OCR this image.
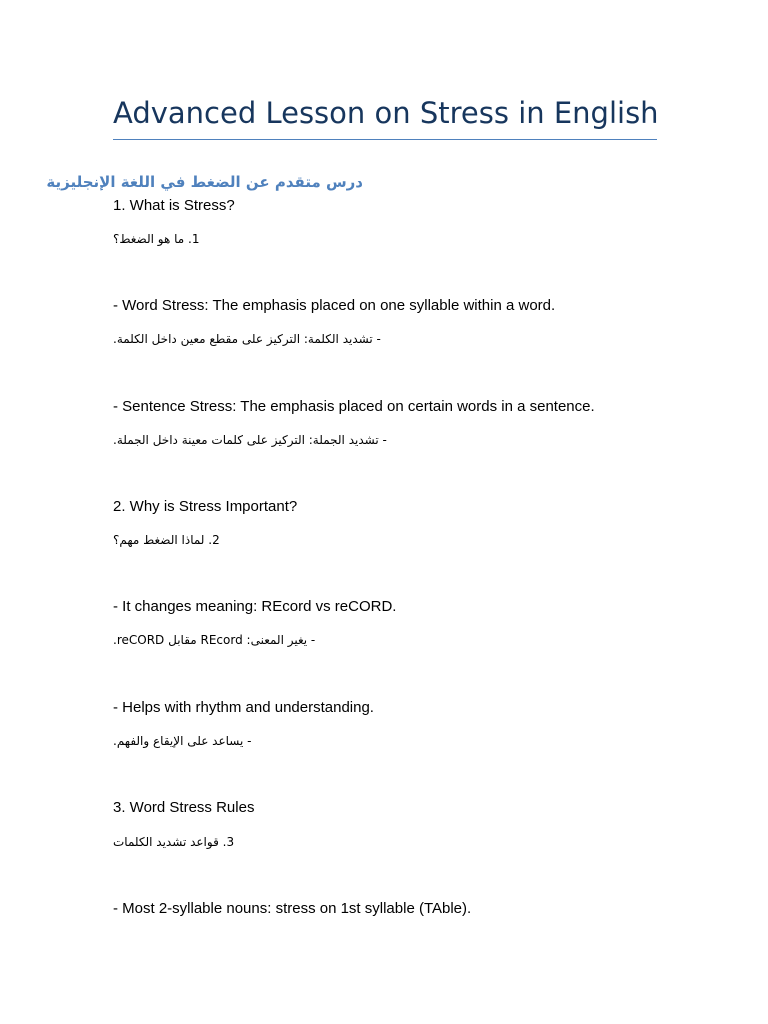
Advanced Lesson on Stress in English
درس متقدم عن الضغط في اللغة الإنجليزية
1. What is Stress?
1. ما هو الضغط؟
- Word Stress: The emphasis placed on one syllable within a word.
- تشديد الكلمة: التركيز على مقطع معين داخل الكلمة.
- Sentence Stress: The emphasis placed on certain words in a sentence.
- تشديد الجملة: التركيز على كلمات معينة داخل الجملة.
2. Why is Stress Important?
2. لماذا الضغط مهم؟
- It changes meaning: REcord vs reCORD.
- يغير المعنى: REcord مقابل reCORD.
- Helps with rhythm and understanding.
- يساعد على الإيقاع والفهم.
3. Word Stress Rules
3. قواعد تشديد الكلمات
- Most 2-syllable nouns: stress on 1st syllable (TAble).
